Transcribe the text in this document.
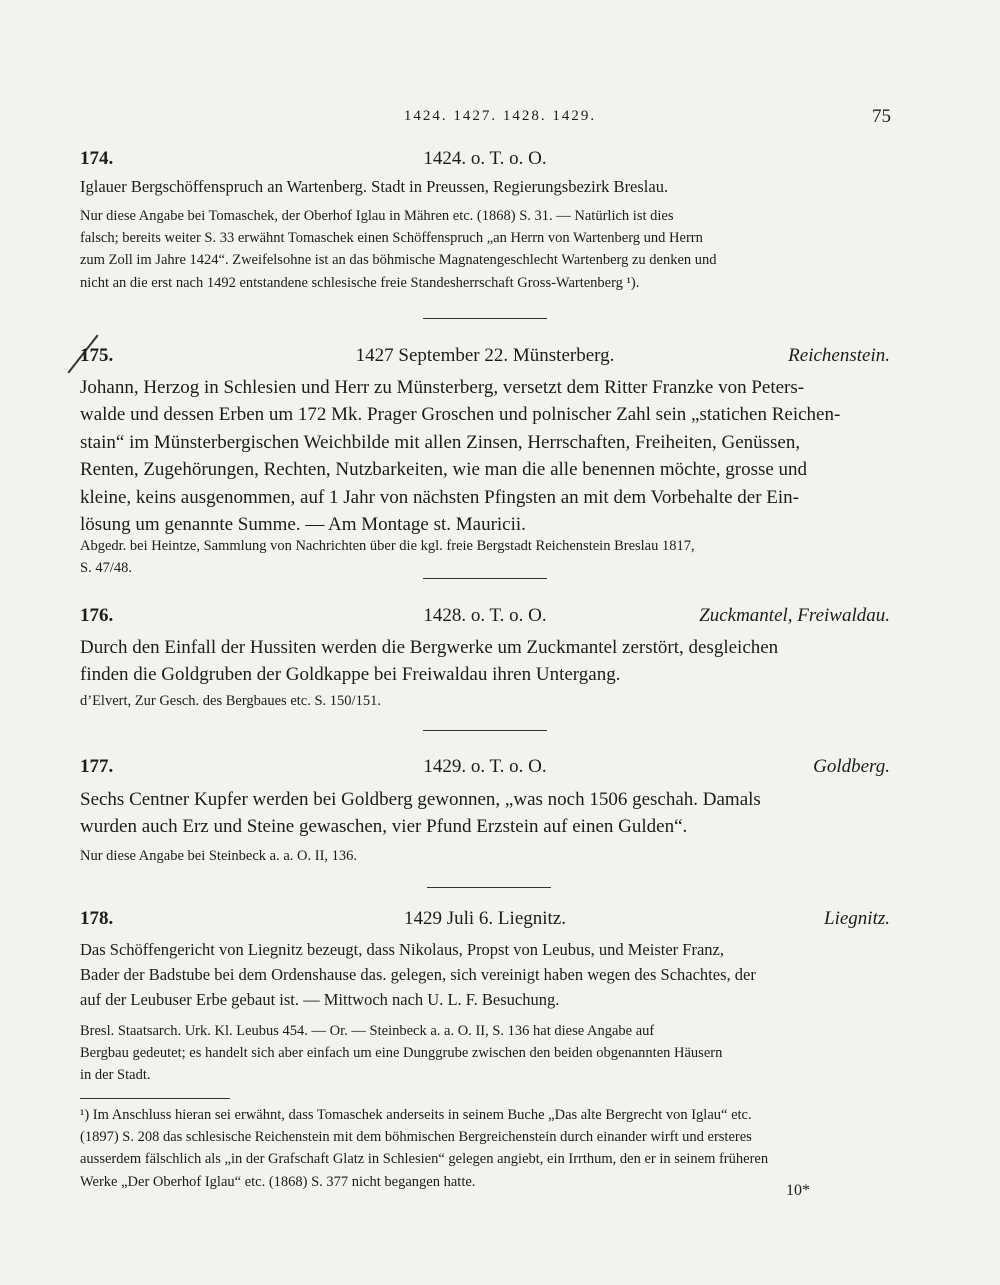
1424. 1427. 1428. 1429.	75
174.	1424. o. T. o. O.
Iglauer Bergschöffenspruch an Wartenberg. Stadt in Preussen, Regierungsbezirk Breslau.
Nur diese Angabe bei Tomaschek, der Oberhof Iglau in Mähren etc. (1868) S. 31. — Natürlich ist dies
falsch; bereits weiter S. 33 erwähnt Tomaschek einen Schöffenspruch „an Herrn von Wartenberg und Herrn
zum Zoll im Jahre 1424“. Zweifelsohne ist an das böhmische Magnatengeschlecht Wartenberg zu denken und
nicht an die erst nach 1492 entstandene schlesische freie Standesherrschaft Gross-Wartenberg ¹).
175.	1427 September 22. Münsterberg.	Reichenstein.
Johann, Herzog in Schlesien und Herr zu Münsterberg, versetzt dem Ritter Franzke von Peters-
walde und dessen Erben um 172 Mk. Prager Groschen und polnischer Zahl sein „statichen Reichen-
stain“ im Münsterbergischen Weichbilde mit allen Zinsen, Herrschaften, Freiheiten, Genüssen,
Renten, Zugehörungen, Rechten, Nutzbarkeiten, wie man die alle benennen möchte, grosse und
kleine, keins ausgenommen, auf 1 Jahr von nächsten Pfingsten an mit dem Vorbehalte der Ein-
lösung um genannte Summe. — Am Montage st. Mauricii.
Abgedr. bei Heintze, Sammlung von Nachrichten über die kgl. freie Bergstadt Reichenstein Breslau 1817,
S. 47/48.
176.	1428. o. T. o. O.	Zuckmantel, Freiwaldau.
Durch den Einfall der Hussiten werden die Bergwerke um Zuckmantel zerstört, desgleichen
finden die Goldgruben der Goldkappe bei Freiwaldau ihren Untergang.
d’Elvert, Zur Gesch. des Bergbaues etc. S. 150/151.
177.	1429. o. T. o. O.	Goldberg.
Sechs Centner Kupfer werden bei Goldberg gewonnen, „was noch 1506 geschah. Damals
wurden auch Erz und Steine gewaschen, vier Pfund Erzstein auf einen Gulden“.
Nur diese Angabe bei Steinbeck a. a. O. II, 136.
178.	1429 Juli 6. Liegnitz.	Liegnitz.
Das Schöffengericht von Liegnitz bezeugt, dass Nikolaus, Propst von Leubus, und Meister Franz,
Bader der Badstube bei dem Ordenshause das. gelegen, sich vereinigt haben wegen des Schachtes, der
auf der Leubuser Erbe gebaut ist. — Mittwoch nach U. L. F. Besuchung.
Bresl. Staatsarch. Urk. Kl. Leubus 454. — Or. — Steinbeck a. a. O. II, S. 136 hat diese Angabe auf
Bergbau gedeutet; es handelt sich aber einfach um eine Dunggrube zwischen den beiden obgenannten Häusern
in der Stadt.
¹) Im Anschluss hieran sei erwähnt, dass Tomaschek anderseits in seinem Buche „Das alte Bergrecht von Iglau“ etc.
(1897) S. 208 das schlesische Reichenstein mit dem böhmischen Bergreichenstein durch einander wirft und ersteres
ausserdem fälschlich als „in der Grafschaft Glatz in Schlesien“ gelegen angiebt, ein Irrthum, den er in seinem früheren
Werke „Der Oberhof Iglau“ etc. (1868) S. 377 nicht begangen hatte.
10*
